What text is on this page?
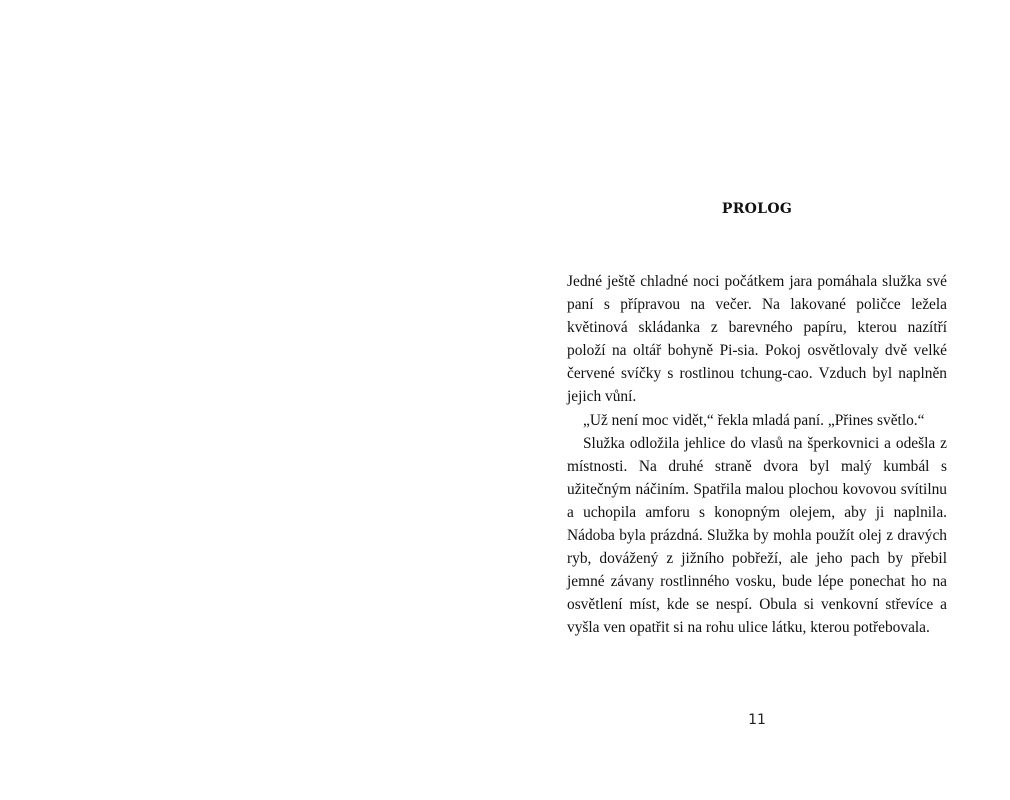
PROLOG

Jedné ještě chladné noci počátkem jara pomáhala služka své paní s přípravou na večer. Na lakované poličce ležela květinová skládanka z barevného papíru, kterou nazítří položí na oltář bohyně Pi-sia. Pokoj osvětlovaly dvě velké červené svíčky s rostlinou tchung-cao. Vzduch byl naplněn jejich vůní.

„Už není moc vidět,“ řekla mladá paní. „Přines světlo.“

Služka odložila jehlice do vlasů na šperkovnici a odešla z místnosti. Na druhé straně dvora byl malý kumbál s užitečným náčiním. Spatřila malou plochou kovovou svítilnu a uchopila amforu s konopným olejem, aby ji naplnila. Nádoba byla prázdná. Služka by mohla použít olej z dravých ryb, dovážený z jižního pobřeží, ale jeho pach by přebil jemné závany rostlinného vosku, bude lépe ponechat ho na osvětlení míst, kde se nespí. Obula si venkovní střevíce a vyšla ven opatřit si na rohu ulice látku, kterou potřebovala.

11
